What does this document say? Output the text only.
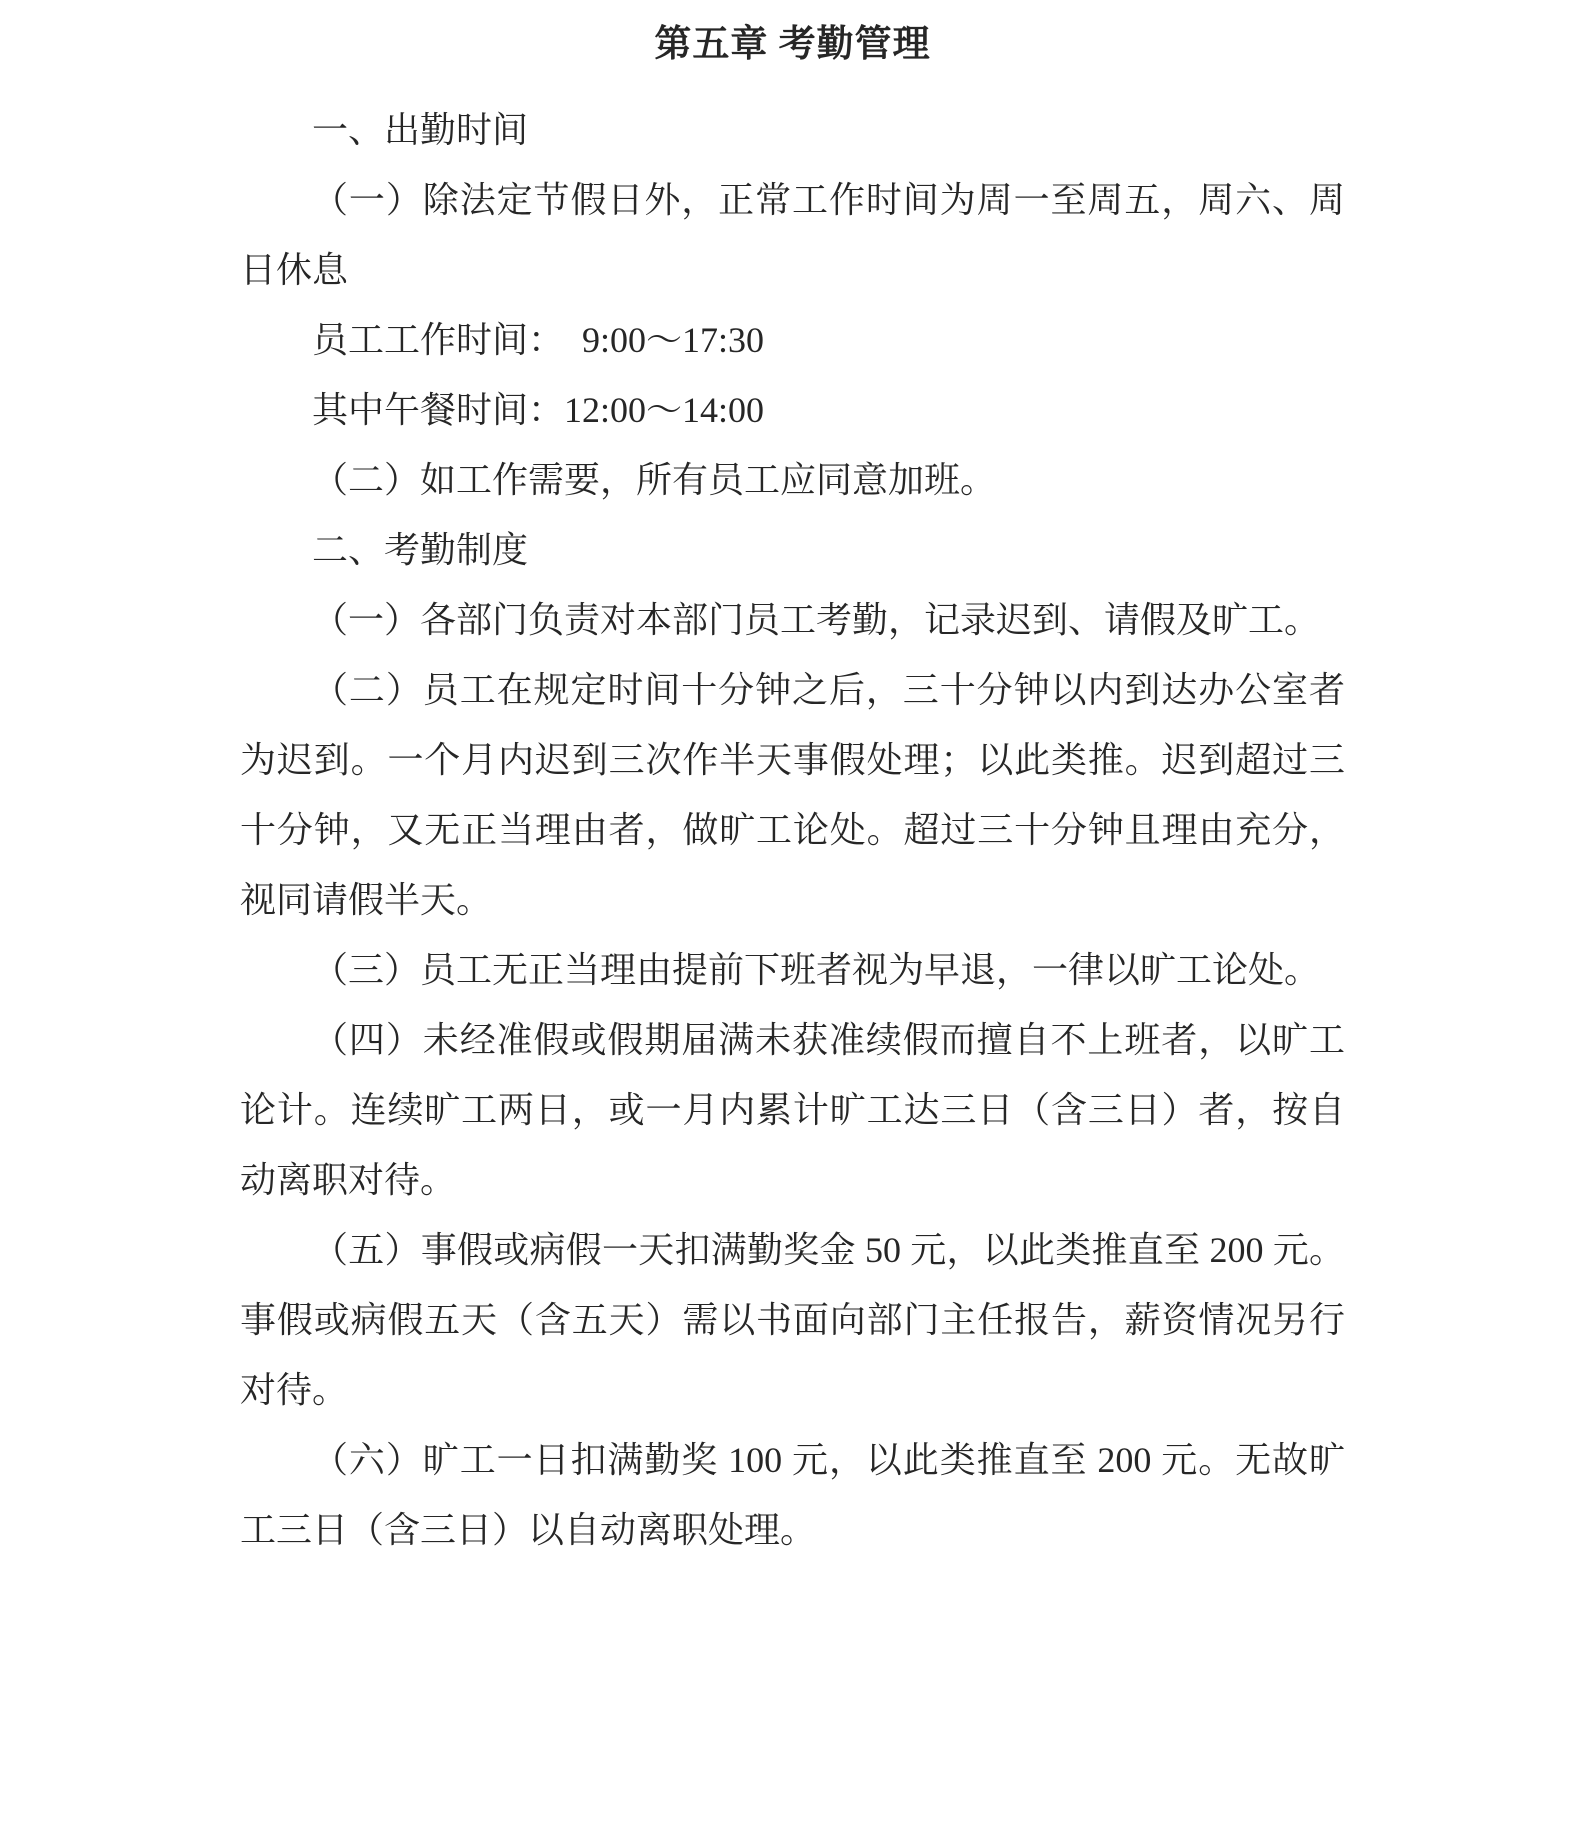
第五章 考勤管理
一、出勤时间
（一）除法定节假日外，正常工作时间为周一至周五，周六、周
日休息
员工工作时间：  9:00～17:30
其中午餐时间：12:00～14:00
（二）如工作需要，所有员工应同意加班。
二、考勤制度
（一）各部门负责对本部门员工考勤，记录迟到、请假及旷工。
（二）员工在规定时间十分钟之后，三十分钟以内到达办公室者
为迟到。一个月内迟到三次作半天事假处理；以此类推。迟到超过三
十分钟，又无正当理由者，做旷工论处。超过三十分钟且理由充分，
视同请假半天。
（三）员工无正当理由提前下班者视为早退，一律以旷工论处。
（四）未经准假或假期届满未获准续假而擅自不上班者，以旷工
论计。连续旷工两日，或一月内累计旷工达三日（含三日）者，按自
动离职对待。
（五）事假或病假一天扣满勤奖金 50 元，以此类推直至 200 元。
事假或病假五天（含五天）需以书面向部门主任报告，薪资情况另行
对待。
（六）旷工一日扣满勤奖 100 元，以此类推直至 200 元。无故旷
工三日（含三日）以自动离职处理。
